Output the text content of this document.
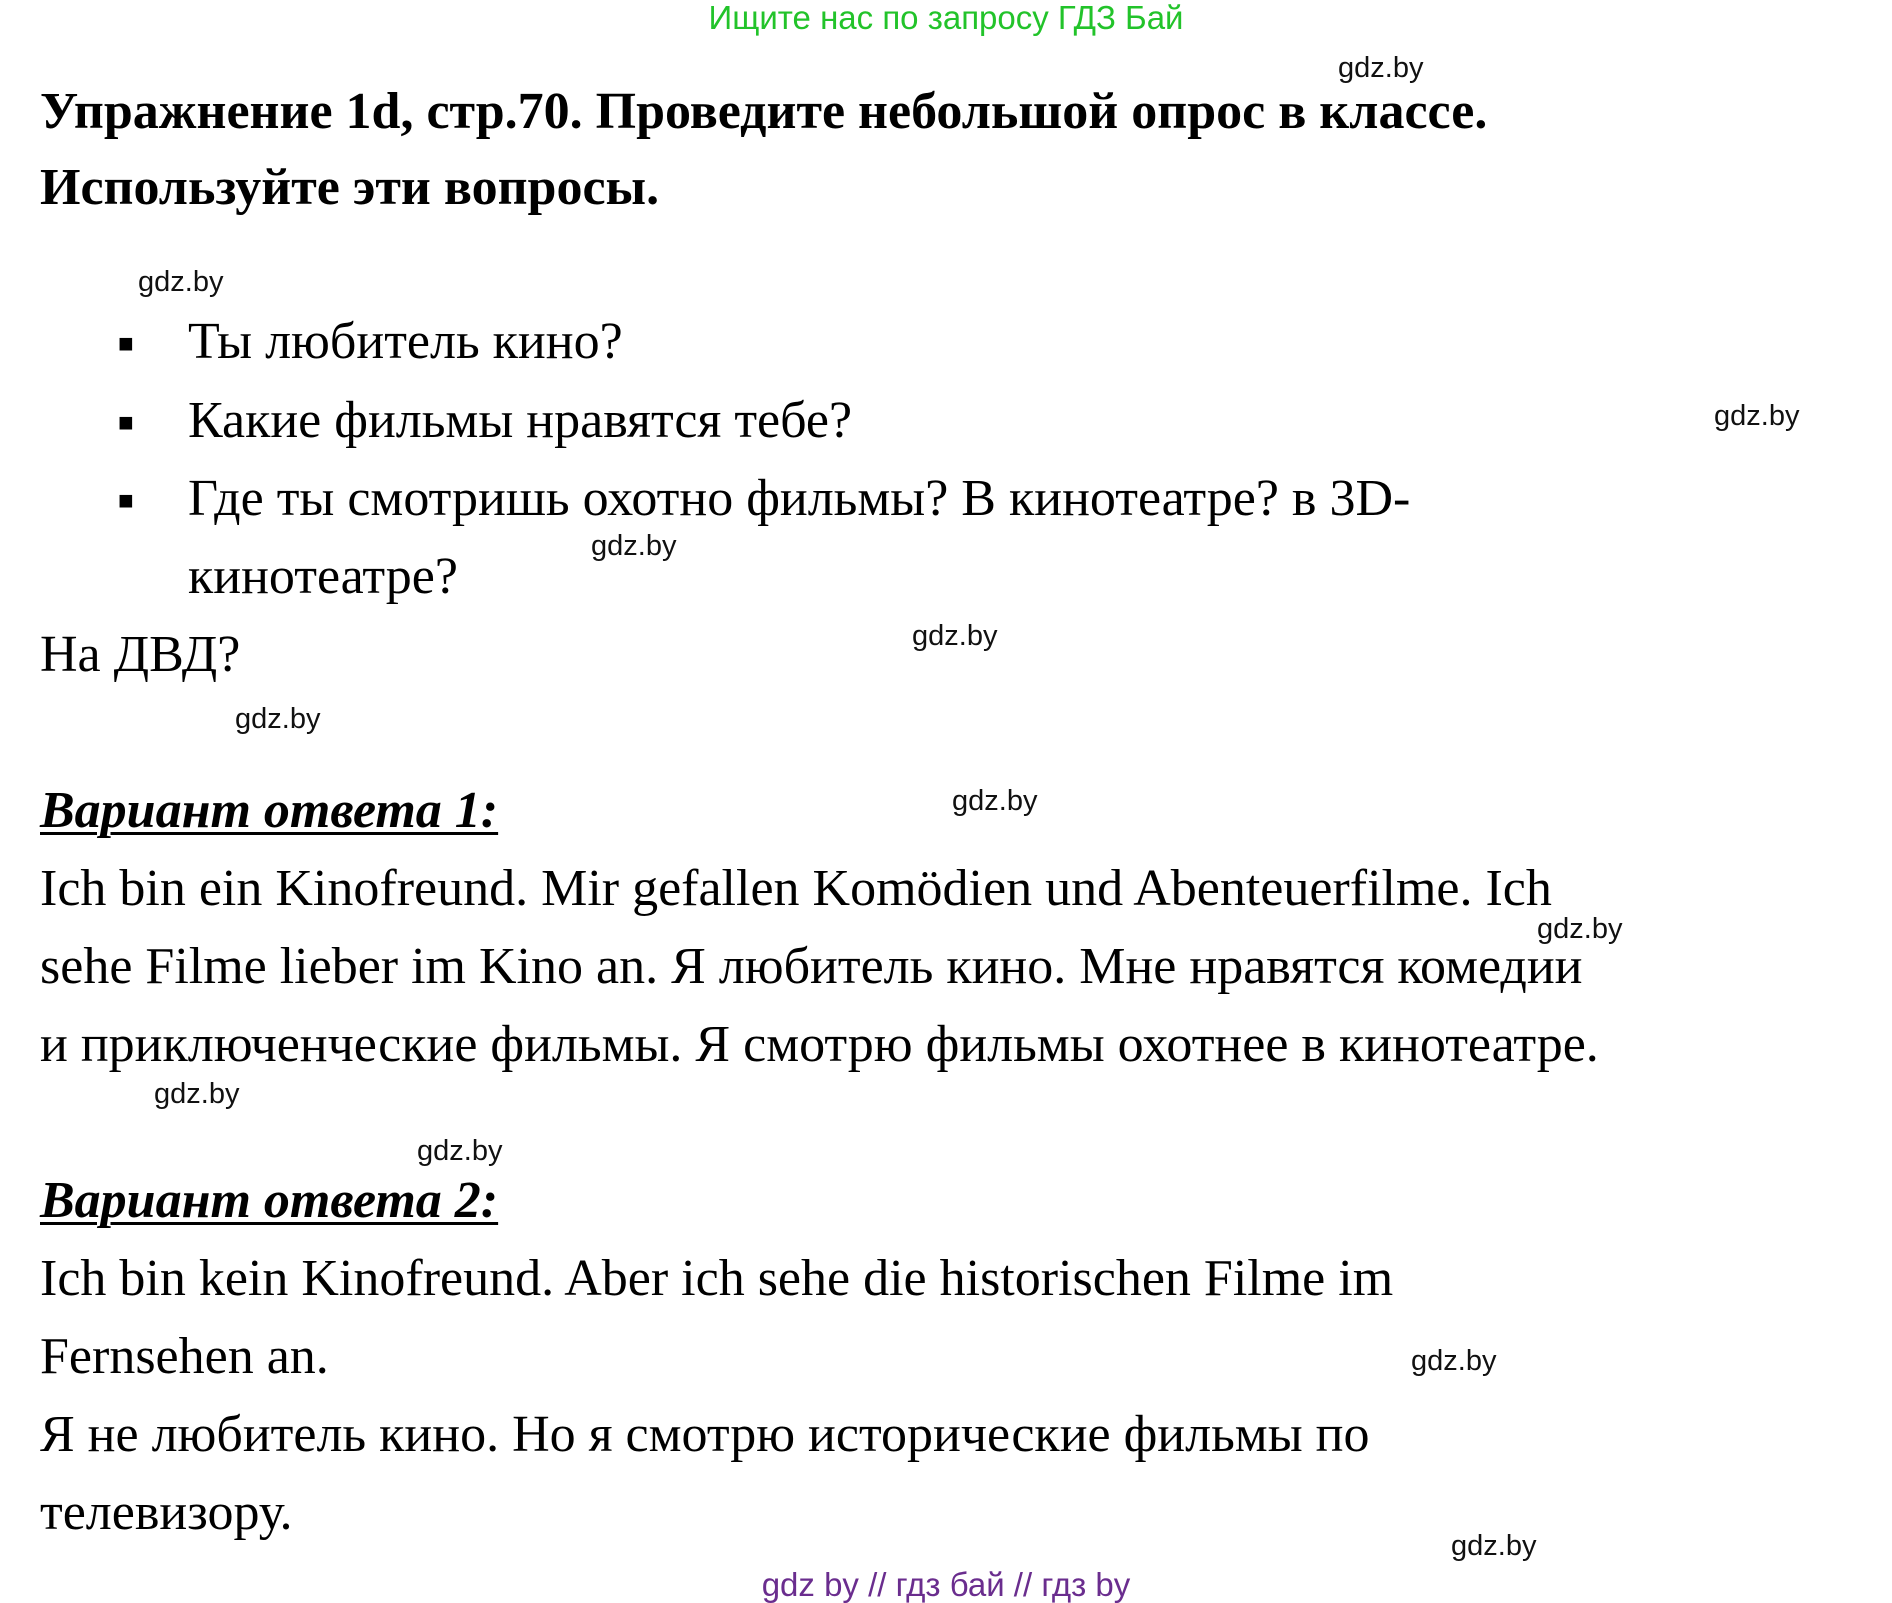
Ищите нас по запросу ГДЗ Бай
Упражнение 1d, стр.70. Проведите небольшой опрос в классе.
Используйте эти вопросы.
■ Ты любитель кино?
■ Какие фильмы нравятся тебе?
■ Где ты смотришь охотно фильмы? В кинотеатре? в 3D-
кинотеатре?
На ДВД?
Вариант ответа 1:
Ich bin ein Kinofreund. Mir gefallen Komödien und Abenteuerfilme. Ich
sehe Filme lieber im Kino an. Я любитель кино. Мне нравятся комедии
и приключенческие фильмы. Я смотрю фильмы охотнее в кинотеатре.
Вариант ответа 2:
Ich bin kein Kinofreund. Aber ich sehe die historischen Filme im
Fernsehen an.
Я не любитель кино. Но я смотрю исторические фильмы по
телевизору.
gdz.by
gdz.by
gdz.by
gdz.by
gdz.by
gdz.by
gdz.by
gdz.by
gdz.by
gdz.by
gdz.by
gdz.by
gdz by // гдз бай // гдз by
